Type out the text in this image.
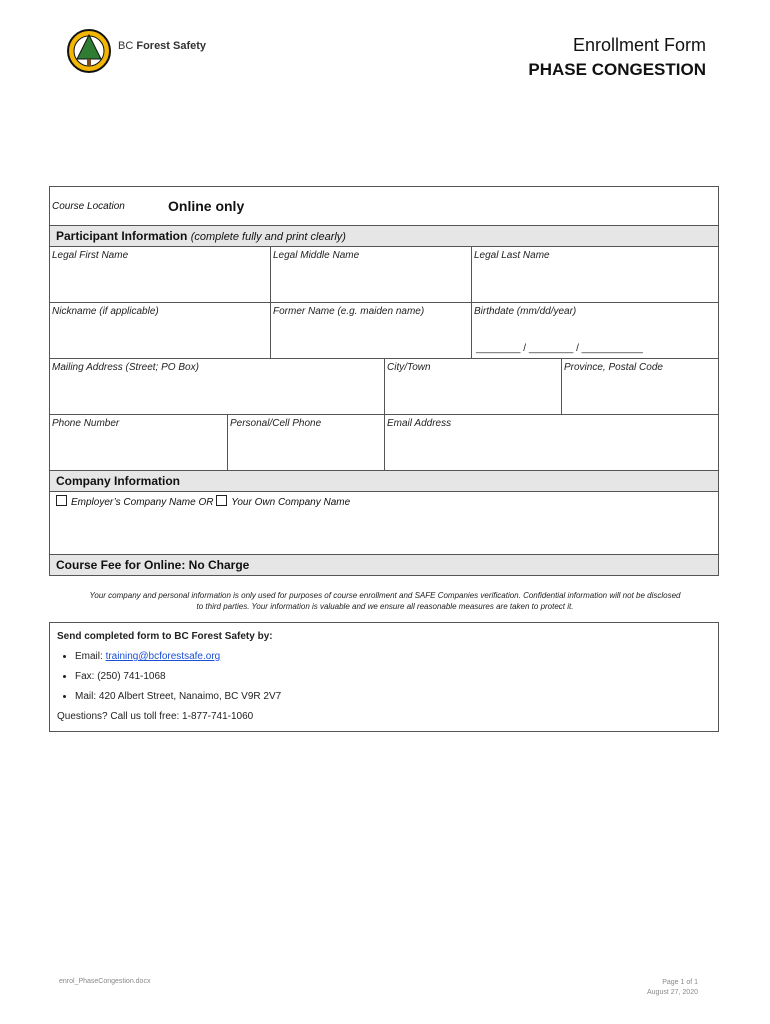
BC Forest Safety	Enrollment Form
PHASE CONGESTION
Course Location	Online only
Participant Information (complete fully and print clearly)
Legal First Name	Legal Middle Name	Legal Last Name
Nickname (if applicable)	Former Name (e.g. maiden name)	Birthdate (mm/dd/year)
________ / ________ / ___________
Mailing Address (Street; PO Box)	City/Town	Province, Postal Code
Phone Number	Personal/Cell Phone	Email Address
Company Information
Employer’s Company Name OR Your Own Company Name
Course Fee for Online: No Charge
Your company and personal information is only used for purposes of course enrollment and SAFE Companies verification. Confidential information will not be disclosed
to third parties. Your information is valuable and we ensure all reasonable measures are taken to protect it.
Send completed form to BC Forest Safety by:
• Email: training@bcforestsafe.org
• Fax: (250) 741-1068
• Mail: 420 Albert Street, Nanaimo, BC V9R 2V7
Questions? Call us toll free: 1-877-741-1060
enrol_PhaseCongestion.docx	Page 1 of 1
August 27, 2020
